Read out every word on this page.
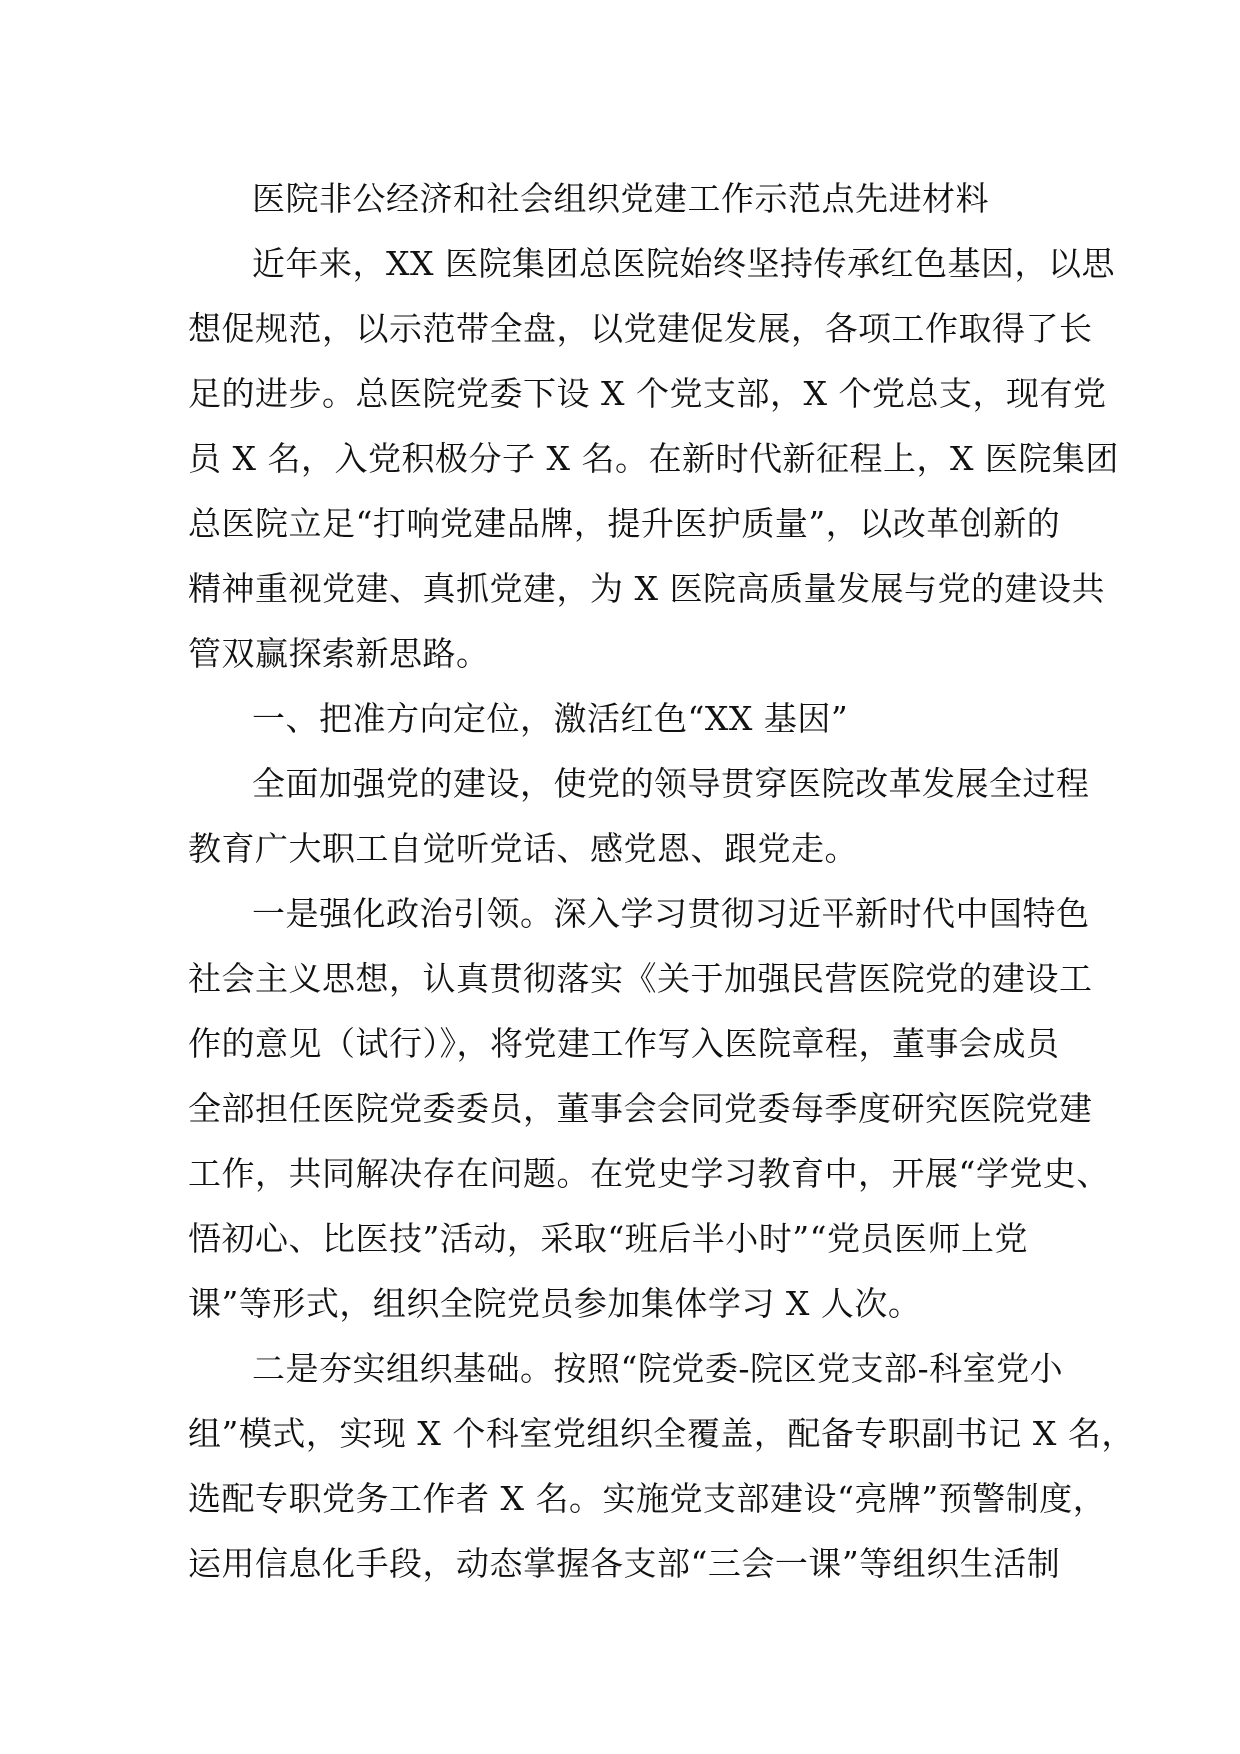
医院非公经济和社会组织党建工作示范点先进材料
近年来，XX 医院集团总医院始终坚持传承红色基因，以思
想促规范，以示范带全盘，以党建促发展，各项工作取得了长
足的进步。总医院党委下设 X 个党支部，X 个党总支，现有党
员 X 名，入党积极分子 X 名。在新时代新征程上，X 医院集团
总医院立足“打响党建品牌，提升医护质量”，以改革创新的
精神重视党建、真抓党建，为 X 医院高质量发展与党的建设共
管双赢探索新思路。
一、把准方向定位，激活红色“XX 基因”
全面加强党的建设，使党的领导贯穿医院改革发展全过程
教育广大职工自觉听党话、感党恩、跟党走。
一是强化政治引领。深入学习贯彻习近平新时代中国特色
社会主义思想，认真贯彻落实《关于加强民营医院党的建设工
作的意见（试行）》，将党建工作写入医院章程，董事会成员
全部担任医院党委委员，董事会会同党委每季度研究医院党建
工作，共同解决存在问题。在党史学习教育中，开展“学党史、
悟初心、比医技”活动，采取“班后半小时”“党员医师上党
课”等形式，组织全院党员参加集体学习 X 人次。
二是夯实组织基础。按照“院党委-院区党支部-科室党小
组”模式，实现 X 个科室党组织全覆盖，配备专职副书记 X 名，
选配专职党务工作者 X 名。实施党支部建设“亮牌”预警制度，
运用信息化手段，动态掌握各支部“三会一课”等组织生活制
